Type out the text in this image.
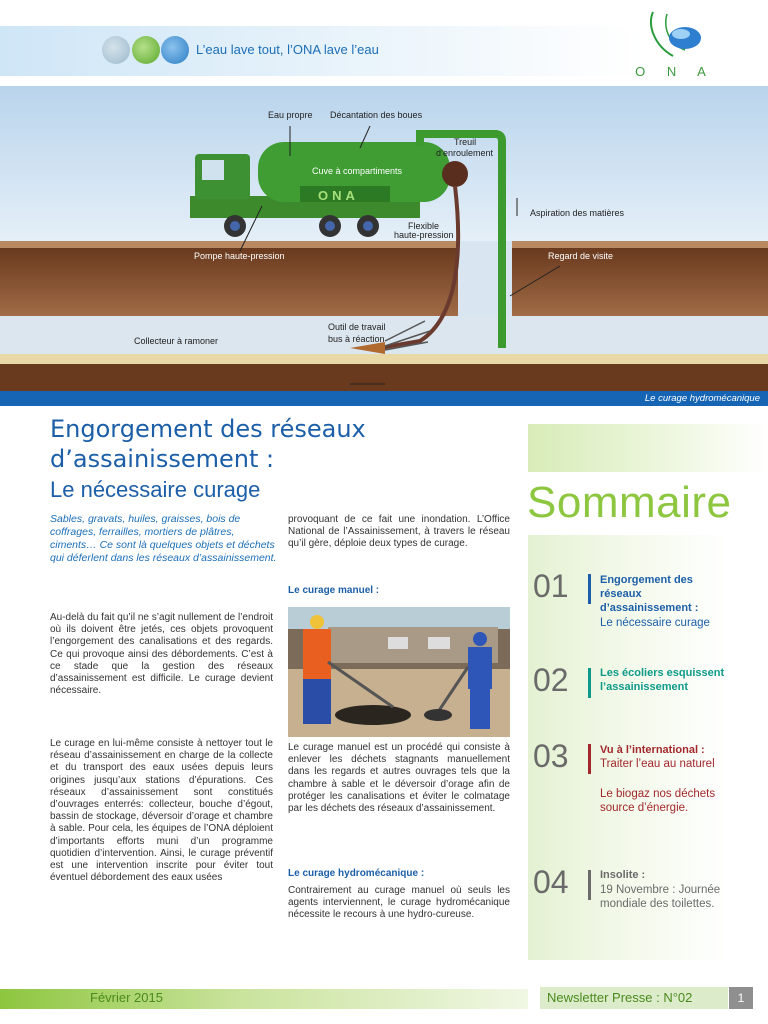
L’eau lave tout, l’ONA lave l’eau
O N A
Eau propre Décantation des boues
Treuil
d’enroulement
Cuve à compartiments
ONA
Aspiration des matières
Flexible
haute-pression
Pompe haute-pression	Regard de visite
Outil de travail
bus à réaction
Collecteur à ramoner
Le curage hydromécanique
Engorgement des réseaux
d’assainissement :
Le nécessaire curage
Sables, gravats, huiles, graisses, bois de coffrages, ferrailles, mortiers de plâtres, ciments… Ce sont là quelques objets et déchets qui déferlent dans les réseaux d’assainissement.
Au-delà du fait qu’il ne s’agit nullement de l’endroit où ils doivent être jetés, ces objets provoquent l’engorgement des canalisations et des regards. Ce qui provoque ainsi des débordements. C’est à ce stade que la gestion des réseaux d’assainissement est difficile. Le curage devient nécessaire.
Le curage en lui-même consiste à nettoyer tout le réseau d’assainissement en charge de la collecte et du transport des eaux usées depuis leurs origines jusqu’aux stations d’épurations. Ces réseaux d’assainissement sont constitués d’ouvrages enterrés: collecteur, bouche d’égout, bassin de stockage, déversoir d’orage et chambre à sable. Pour cela, les équipes de l’ONA déploient d’importants efforts muni d’un programme quotidien d’intervention. Ainsi, le curage préventif est une intervention inscrite pour éviter tout éventuel débordement des eaux usées
provoquant de ce fait une inondation. L’Office National de l’Assainissement, à travers le réseau qu’il gère, déploie deux types de curage.
Le curage manuel :
Le curage manuel est un procédé qui consiste à enlever les déchets stagnants manuellement dans les regards et autres ouvrages tels que la chambre à sable et le déversoir d’orage afin de protéger les canalisations et éviter le colmatage par les déchets des réseaux d’assainissement.
Le curage hydromécanique :
Contrairement au curage manuel où seuls les agents interviennent, le curage hydromécanique nécessite le recours à une hydro-cureuse.
Sommaire
01	Engorgement des réseaux d’assainissement :
Le nécessaire curage
02	Les écoliers esquissent l’assainissement
03	Vu à l’international :
Traiter l’eau au naturel
Le biogaz nos déchets source d’énergie.
04	Insolite :
19 Novembre : Journée mondiale des toilettes.
Février 2015	Newsletter Presse : N°02	1
